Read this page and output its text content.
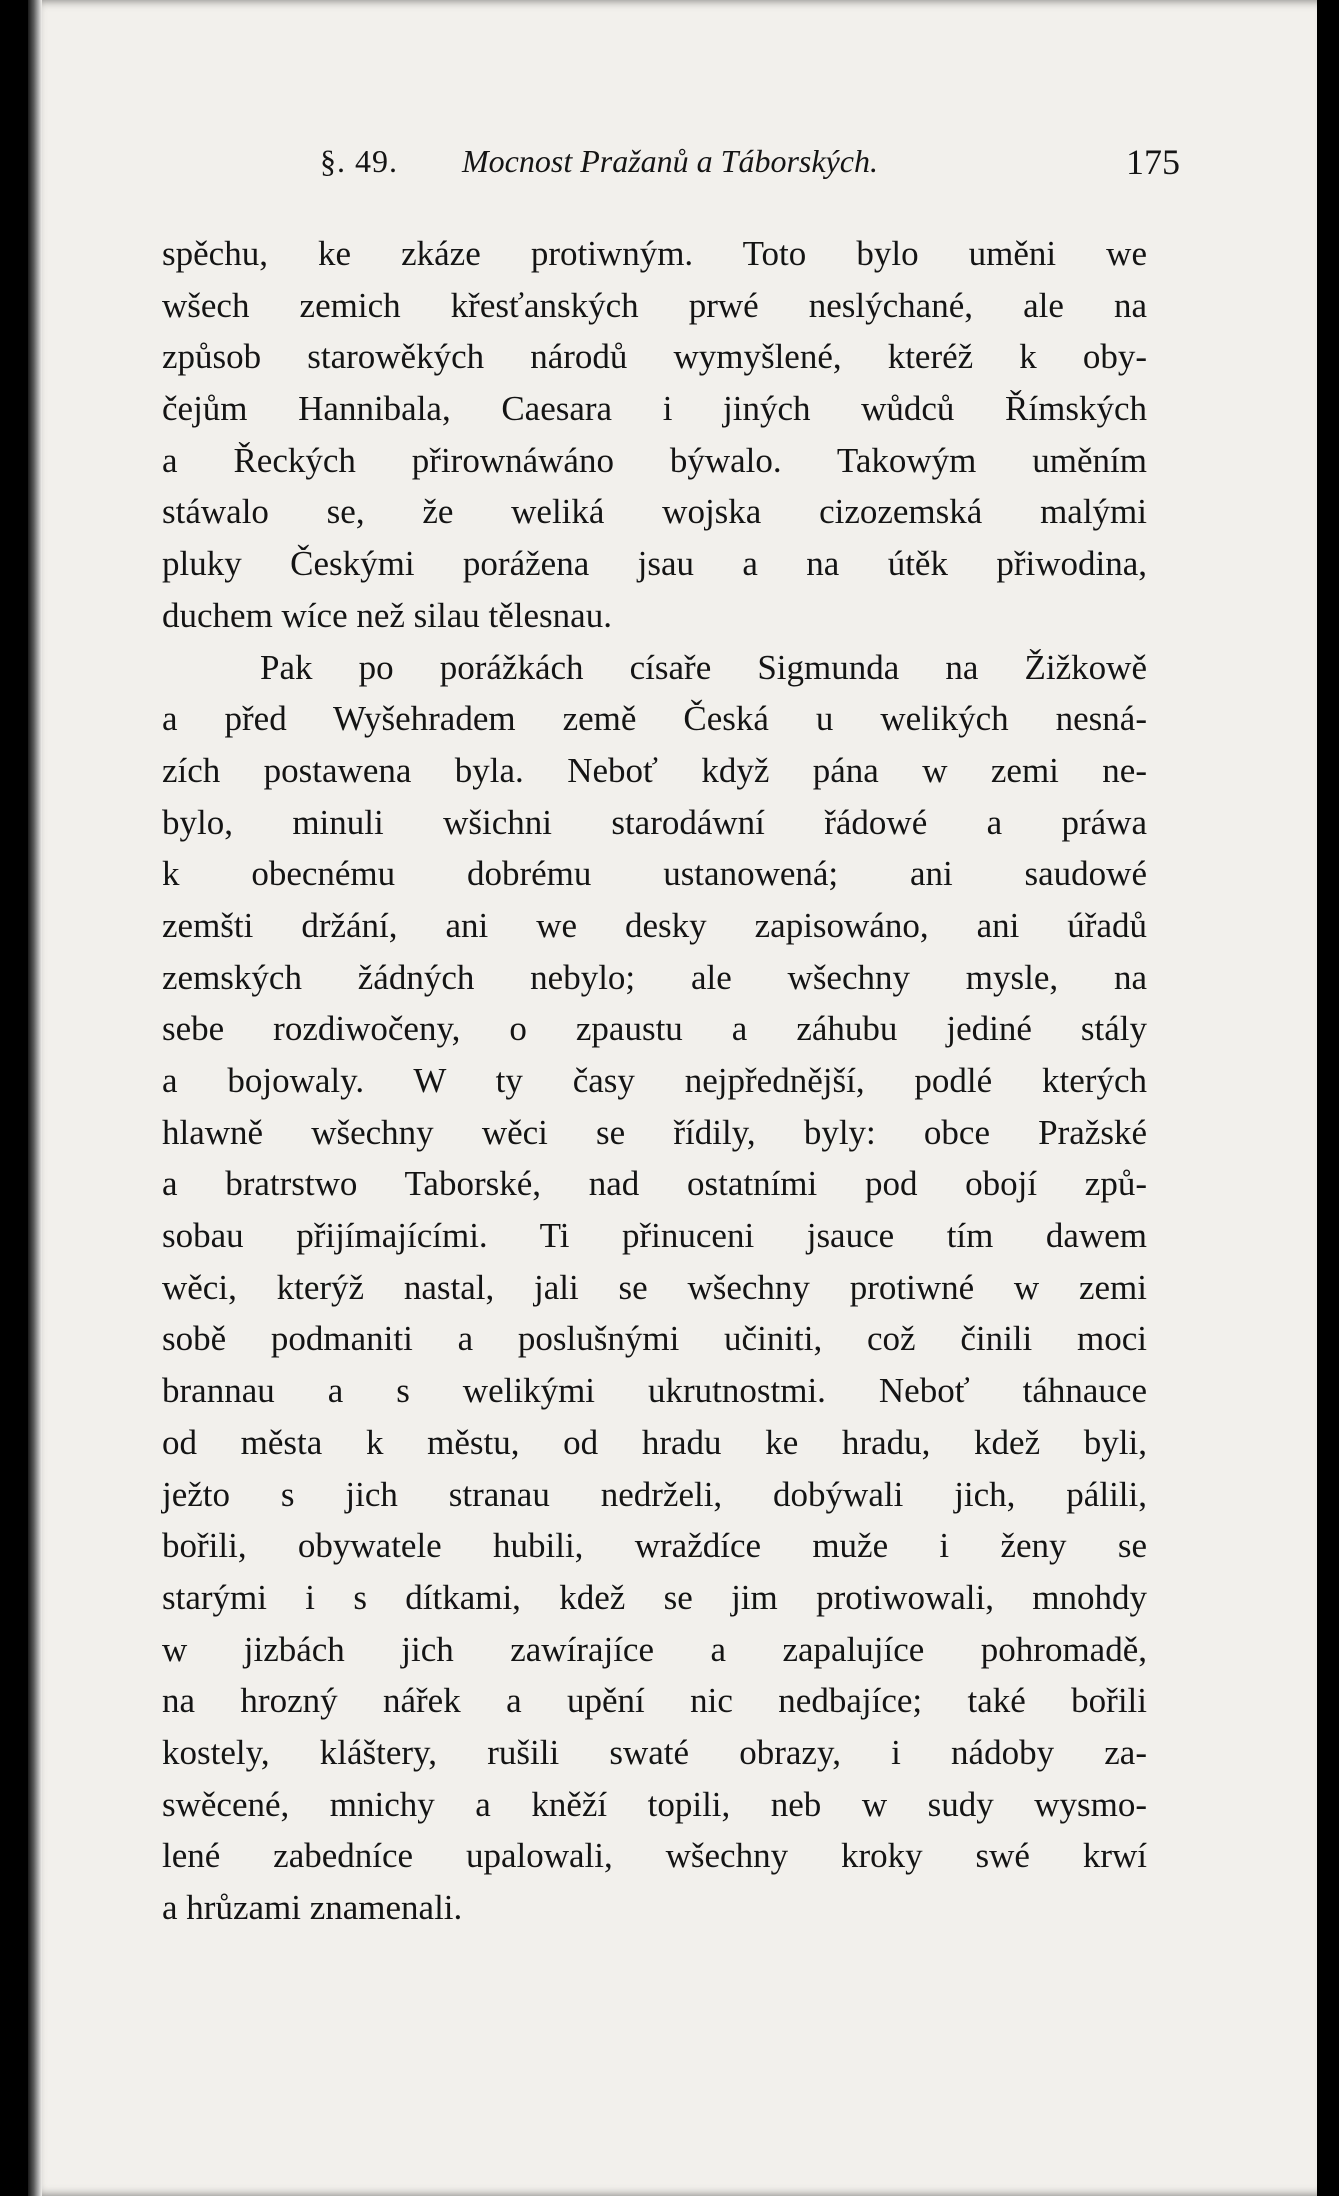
§. 49. Mocnost Pražanů a Táborských.	175
spěchu, ke zkáze protiwným. Toto bylo uměni we
wšech zemich křesťanských prwé neslýchané, ale na
způsob starowěkých národů wymyšlené, kteréž k oby-
čejům Hannibala, Caesara i jiných wůdců Římských
a Řeckých přirownáwáno býwalo. Takowým uměním
stáwalo se, že weliká wojska cizozemská malými
pluky Českými porážena jsau a na útěk přiwodina,
duchem wíce než silau tělesnau.
Pak po porážkách císaře Sigmunda na Žižkowě
a před Wyšehradem země Česká u welikých nesná-
zích postawena byla. Neboť když pána w zemi ne-
bylo, minuli wšichni starodáwní řádowé a práwa
k obecnému dobrému ustanowená; ani saudowé
zemšti držání, ani we desky zapisowáno, ani úřadů
zemských žádných nebylo; ale wšechny mysle, na
sebe rozdiwočeny, o zpaustu a záhubu jediné stály
a bojowaly. W ty časy nejpřednější, podlé kterých
hlawně wšechny wěci se řídily, byly: obce Pražské
a bratrstwo Taborské, nad ostatními pod obojí způ-
sobau přijímajícími. Ti přinuceni jsauce tím dawem
wěci, kterýž nastal, jali se wšechny protiwné w zemi
sobě podmaniti a poslušnými učiniti, což činili moci
brannau a s welikými ukrutnostmi. Neboť táhnauce
od města k městu, od hradu ke hradu, kdež byli,
ježto s jich stranau nedrželi, dobýwali jich, pálili,
bořili, obywatele hubili, wraždíce muže i ženy se
starými i s dítkami, kdež se jim protiwowali, mnohdy
w jizbách jich zawírajíce a zapalujíce pohromadě,
na hrozný nářek a upění nic nedbajíce; také bořili
kostely, kláštery, rušili swaté obrazy, i nádoby za-
swěcené, mnichy a kněží topili, neb w sudy wysmo-
lené zabedníce upalowali, wšechny kroky swé krwí
a hrůzami znamenali.
